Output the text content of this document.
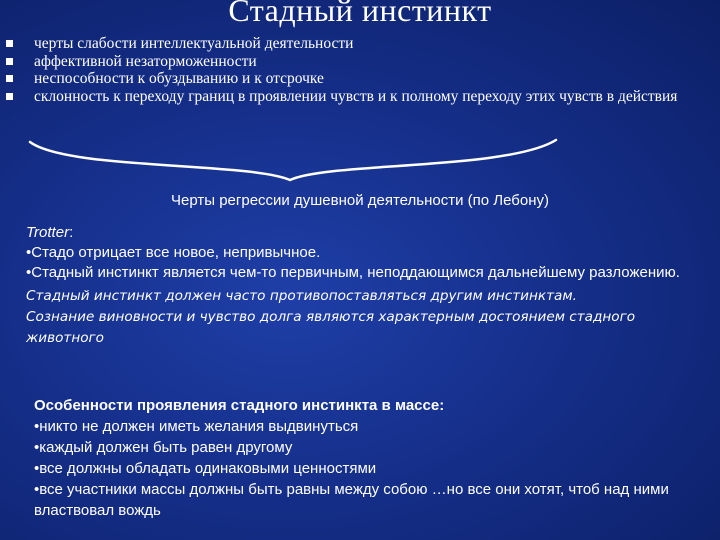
Стадный инстинкт
черты слабости интеллектуальной деятельности
аффективной незаторможенности
неспособности к обуздыванию и к отсрочке
склонность к переходу границ в проявлении чувств и к полному переходу этих чувств в действия
Черты регрессии душевной деятельности (по Лебону)
Trotter:
•Стадо отрицает все новое, непривычное.
•Стадный инстинкт является чем-то первичным, неподдающимся дальнейшему разложению.
Стадный инстинкт должен часто противопоставляться другим инстинктам.
Сознание виновности и чувство долга являются характерным достоянием стадного животного
Особенности проявления стадного инстинкта в массе:
•никто не должен иметь желания выдвинуться
•каждый должен быть равен другому
•все должны обладать одинаковыми ценностями
•все участники массы должны быть равны между собою …но все они хотят, чтоб над ними властвовал вождь
